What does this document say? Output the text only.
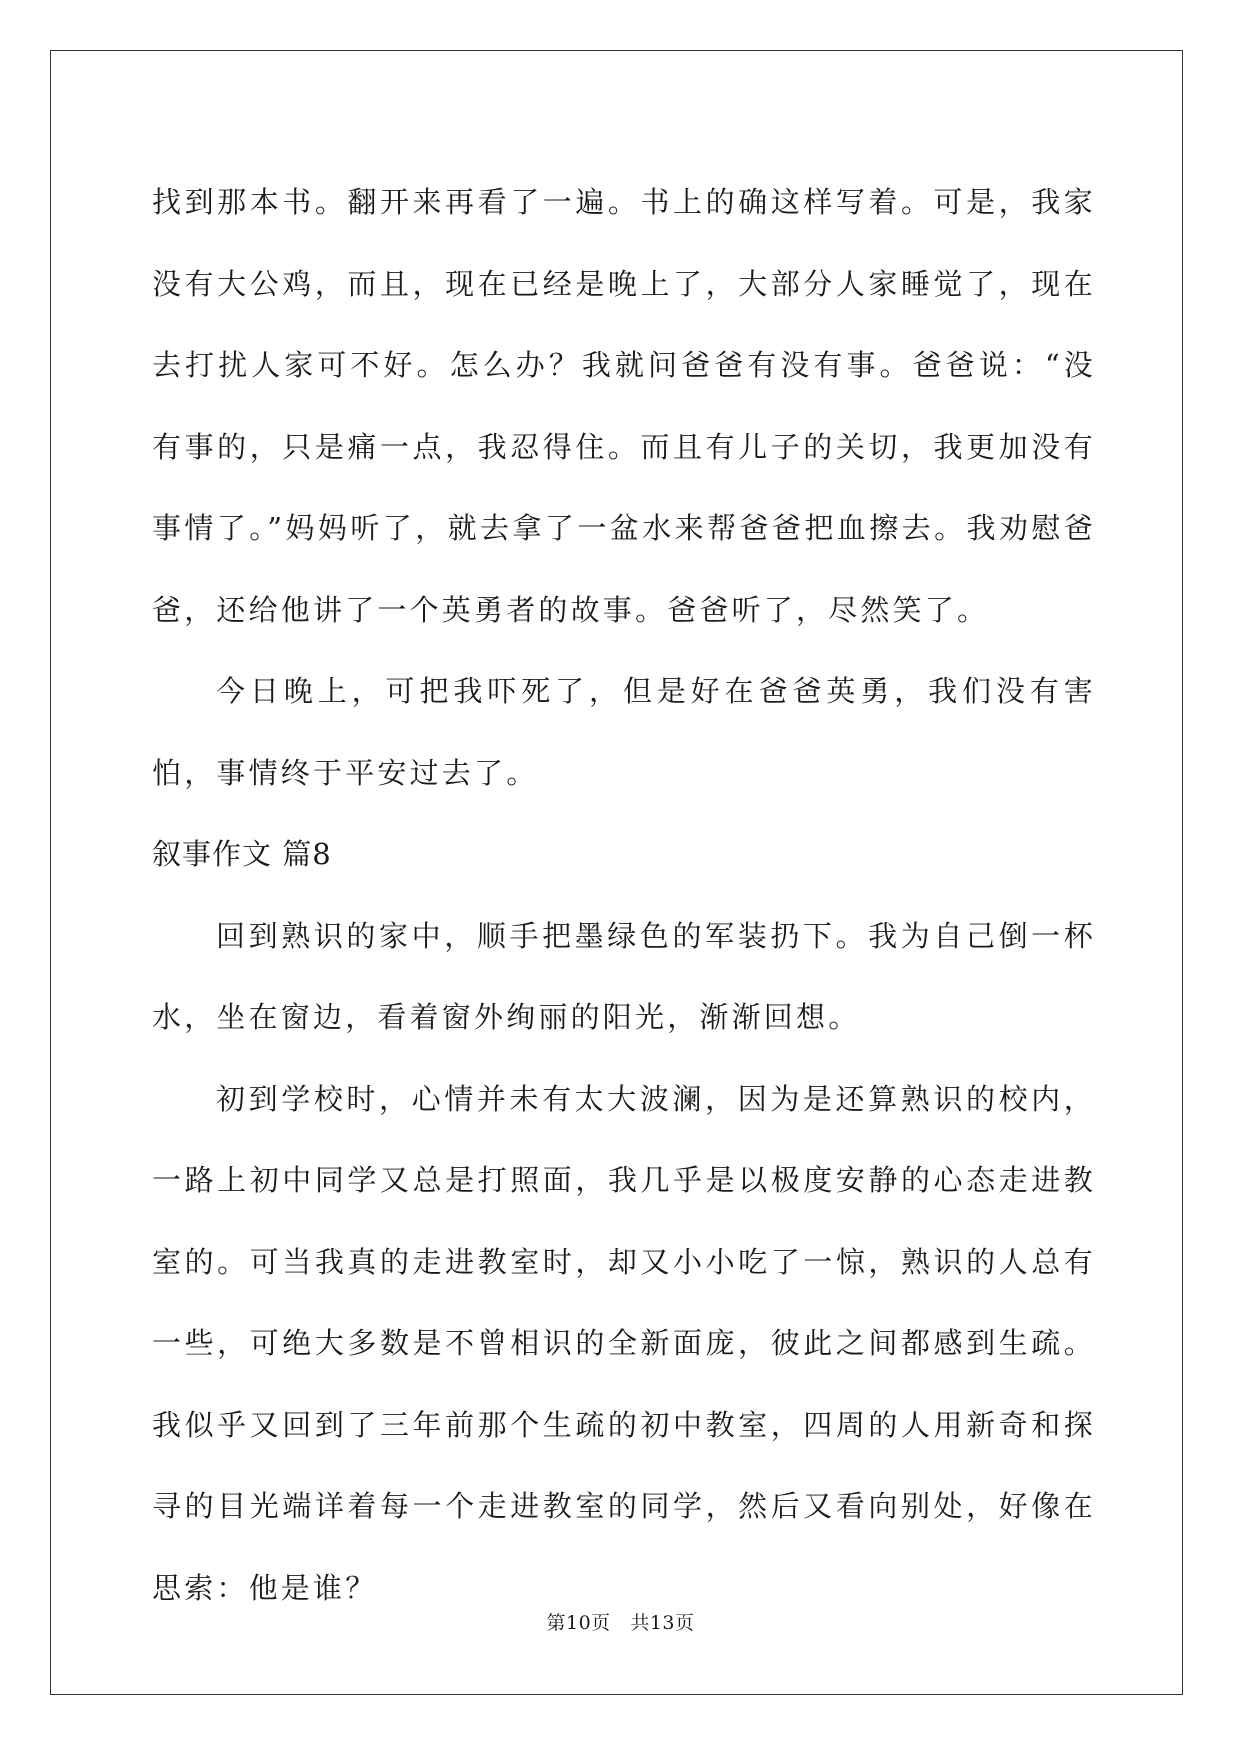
找到那本书。翻开来再看了一遍。书上的确这样写着。可是，我家没有大公鸡，而且，现在已经是晚上了，大部分人家睡觉了，现在去打扰人家可不好。怎么办？我就问爸爸有没有事。爸爸说：“没有事的，只是痛一点，我忍得住。而且有儿子的关切，我更加没有事情了。”妈妈听了，就去拿了一盆水来帮爸爸把血擦去。我劝慰爸爸，还给他讲了一个英勇者的故事。爸爸听了，尽然笑了。

今日晚上，可把我吓死了，但是好在爸爸英勇，我们没有害怕，事情终于平安过去了。

叙事作文 篇8

回到熟识的家中，顺手把墨绿色的军装扔下。我为自己倒一杯水，坐在窗边，看着窗外绚丽的阳光，渐渐回想。

初到学校时，心情并未有太大波澜，因为是还算熟识的校内，一路上初中同学又总是打照面，我几乎是以极度安静的心态走进教室的。可当我真的走进教室时，却又小小吃了一惊，熟识的人总有一些，可绝大多数是不曾相识的全新面庞，彼此之间都感到生疏。我似乎又回到了三年前那个生疏的初中教室，四周的人用新奇和探寻的目光端详着每一个走进教室的同学，然后又看向别处，好像在思索：他是谁？

第10页 共13页
